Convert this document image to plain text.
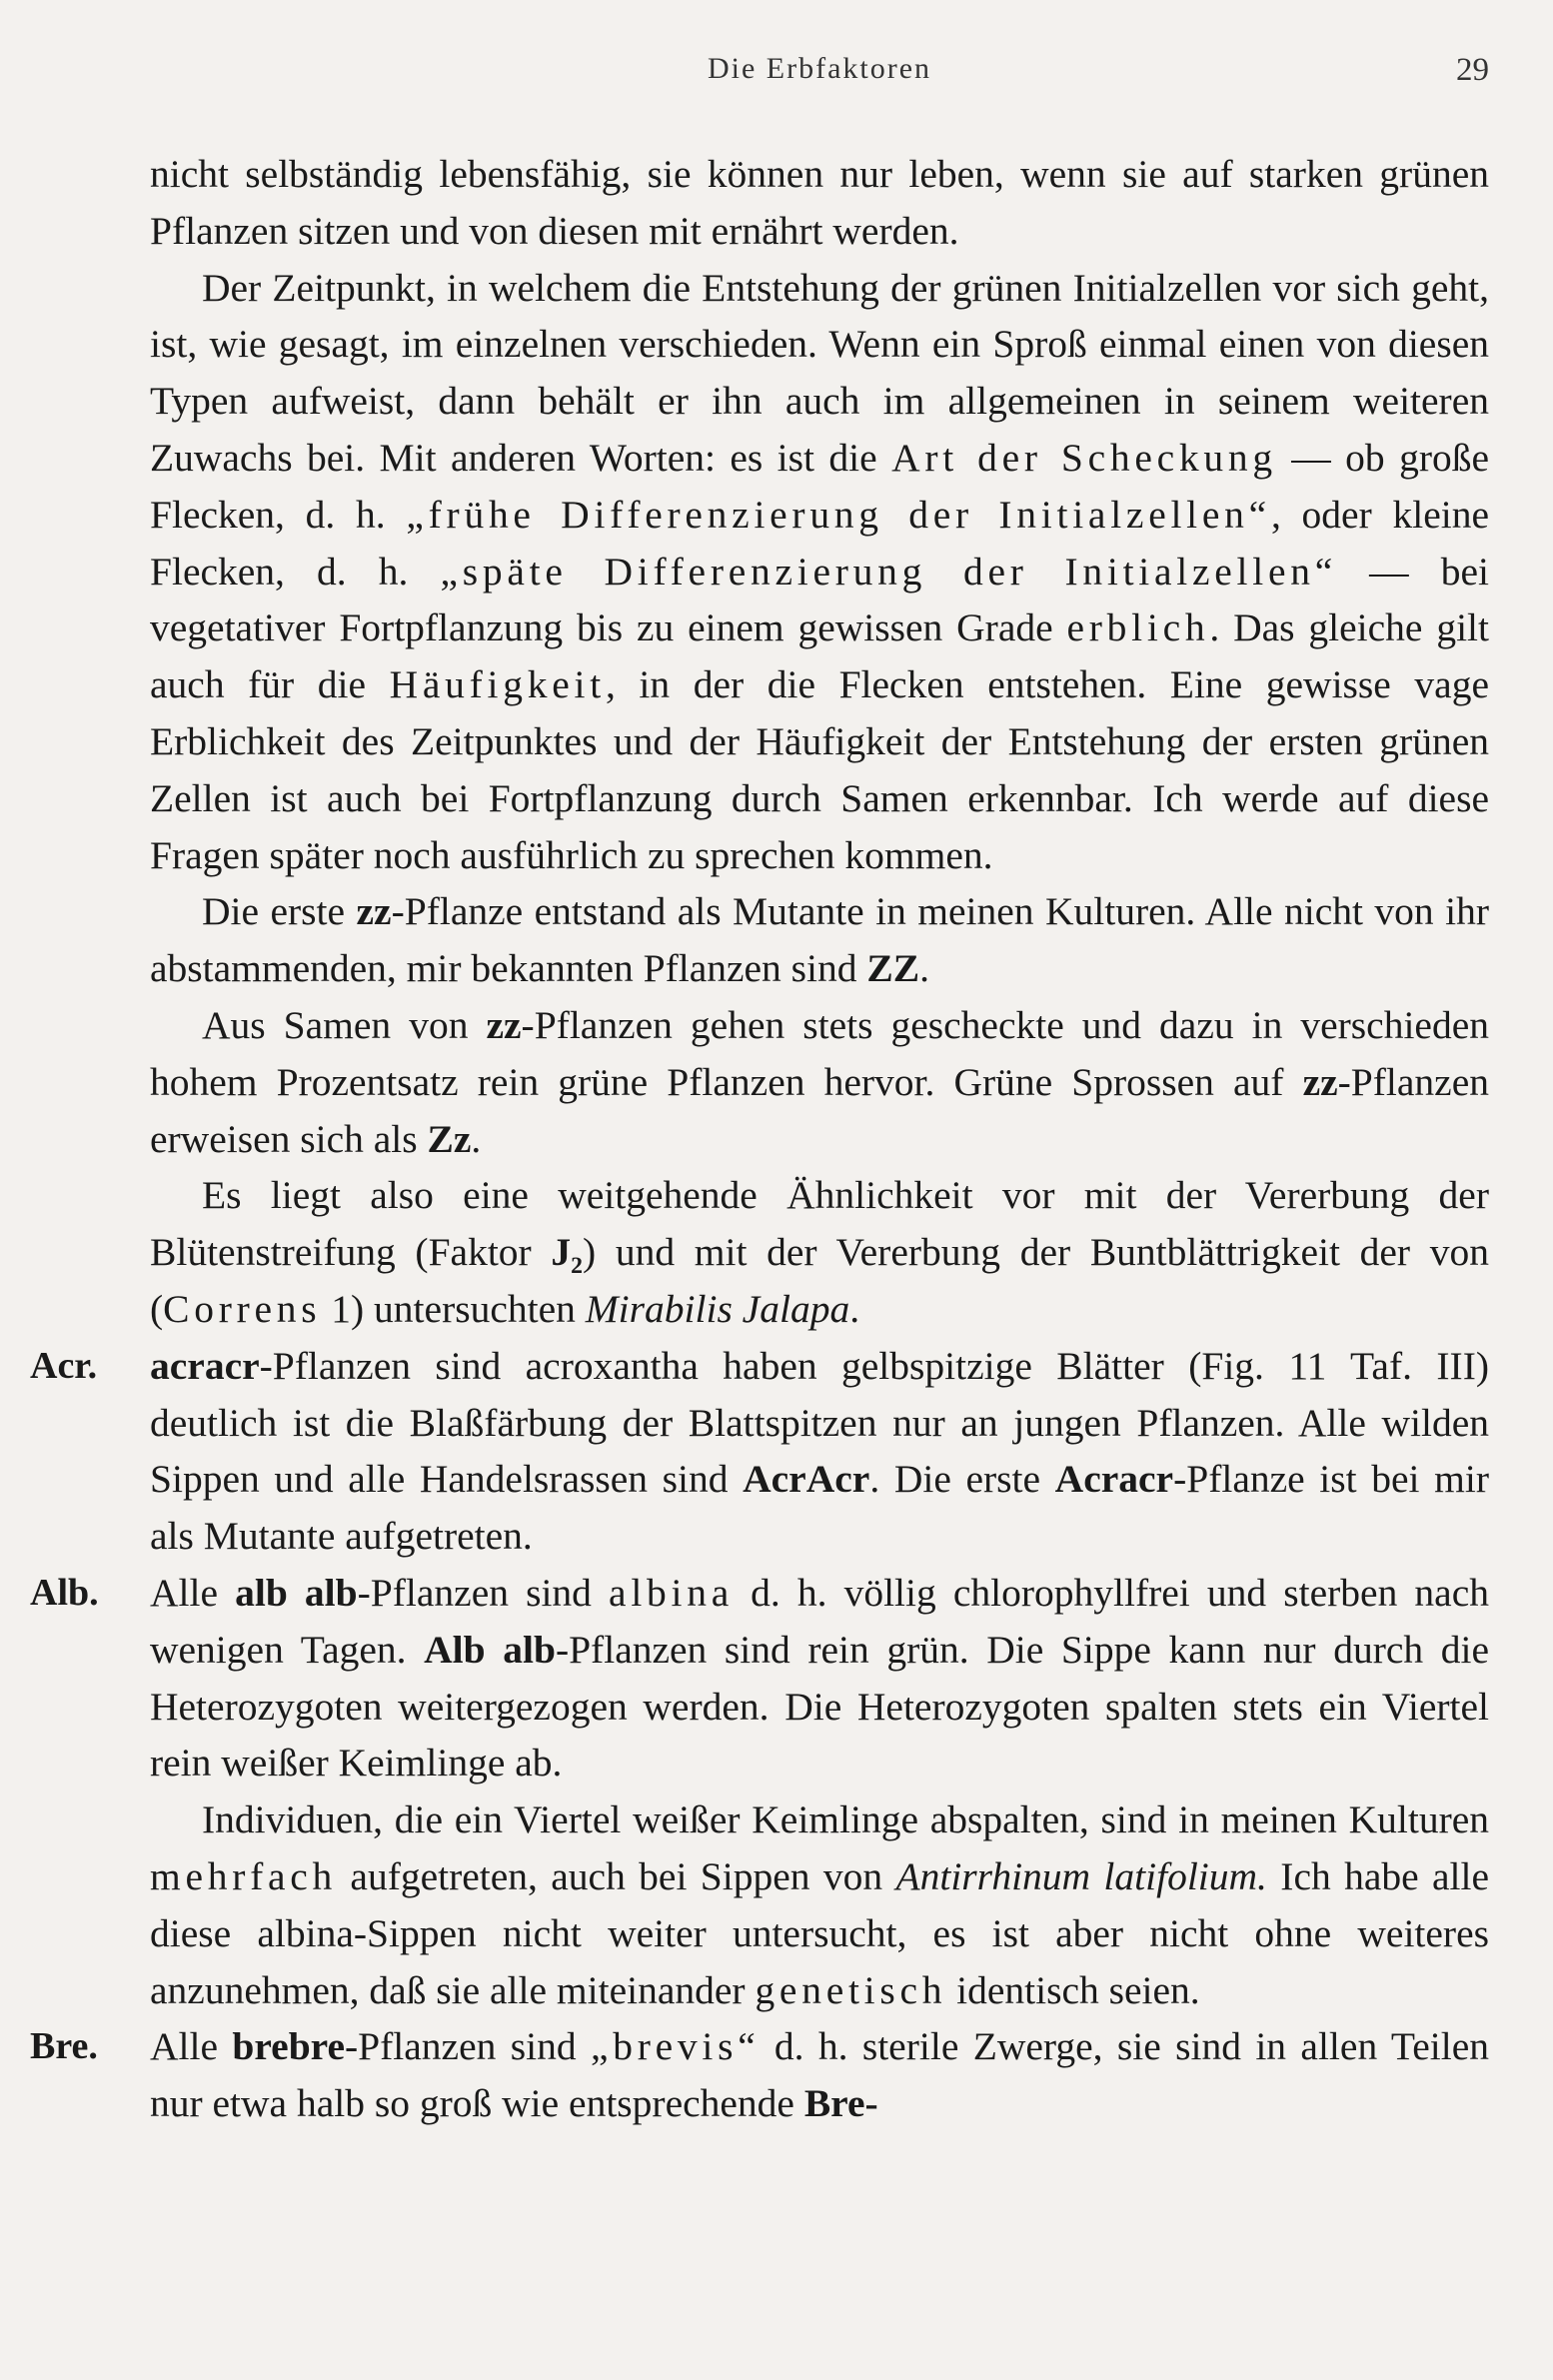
Die Erbfaktoren	29

nicht selbständig lebensfähig, sie können nur leben, wenn sie auf starken grünen Pflanzen sitzen und von diesen mit ernährt werden.

Der Zeitpunkt, in welchem die Entstehung der grünen Initialzellen vor sich geht, ist, wie gesagt, im einzelnen verschieden. Wenn ein Sproß einmal einen von diesen Typen aufweist, dann behält er ihn auch im allgemeinen in seinem weiteren Zuwachs bei. Mit anderen Worten: es ist die Art der Scheckung — ob große Flecken, d. h. „frühe Differenzierung der Initialzellen“, oder kleine Flecken, d. h. „späte Differenzierung der Initialzellen“ — bei vegetativer Fortpflanzung bis zu einem gewissen Grade erblich. Das gleiche gilt auch für die Häufigkeit, in der die Flecken entstehen. Eine gewisse vage Erblichkeit des Zeitpunktes und der Häufigkeit der Entstehung der ersten grünen Zellen ist auch bei Fortpflanzung durch Samen erkennbar. Ich werde auf diese Fragen später noch ausführlich zu sprechen kommen.

Die erste zz-Pflanze entstand als Mutante in meinen Kulturen. Alle nicht von ihr abstammenden, mir bekannten Pflanzen sind ZZ.

Aus Samen von zz-Pflanzen gehen stets gescheckte und dazu in verschieden hohem Prozentsatz rein grüne Pflanzen hervor. Grüne Sprossen auf zz-Pflanzen erweisen sich als Zz.

Es liegt also eine weitgehende Ähnlichkeit vor mit der Vererbung der Blütenstreifung (Faktor J₂) und mit der Vererbung der Buntblättrigkeit der von (Correns 1) untersuchten Mirabilis Jalapa.

Acr. acracr-Pflanzen sind acroxantha haben gelbspitzige Blätter (Fig. 11 Taf. III) deutlich ist die Blaßfärbung der Blattspitzen nur an jungen Pflanzen. Alle wilden Sippen und alle Handelsrassen sind AcrAcr. Die erste Acracr-Pflanze ist bei mir als Mutante aufgetreten.

Alb. Alle alb alb-Pflanzen sind albina d. h. völlig chlorophyllfrei und sterben nach wenigen Tagen. Alb alb-Pflanzen sind rein grün. Die Sippe kann nur durch die Heterozygoten weitergezogen werden. Die Heterozygoten spalten stets ein Viertel rein weißer Keimlinge ab.

Individuen, die ein Viertel weißer Keimlinge abspalten, sind in meinen Kulturen mehrfach aufgetreten, auch bei Sippen von Antirrhinum latifolium. Ich habe alle diese albina-Sippen nicht weiter untersucht, es ist aber nicht ohne weiteres anzunehmen, daß sie alle miteinander genetisch identisch seien.

Bre. Alle brebre-Pflanzen sind „brevis“ d. h. sterile Zwerge, sie sind in allen Teilen nur etwa halb so groß wie entsprechende Bre-
